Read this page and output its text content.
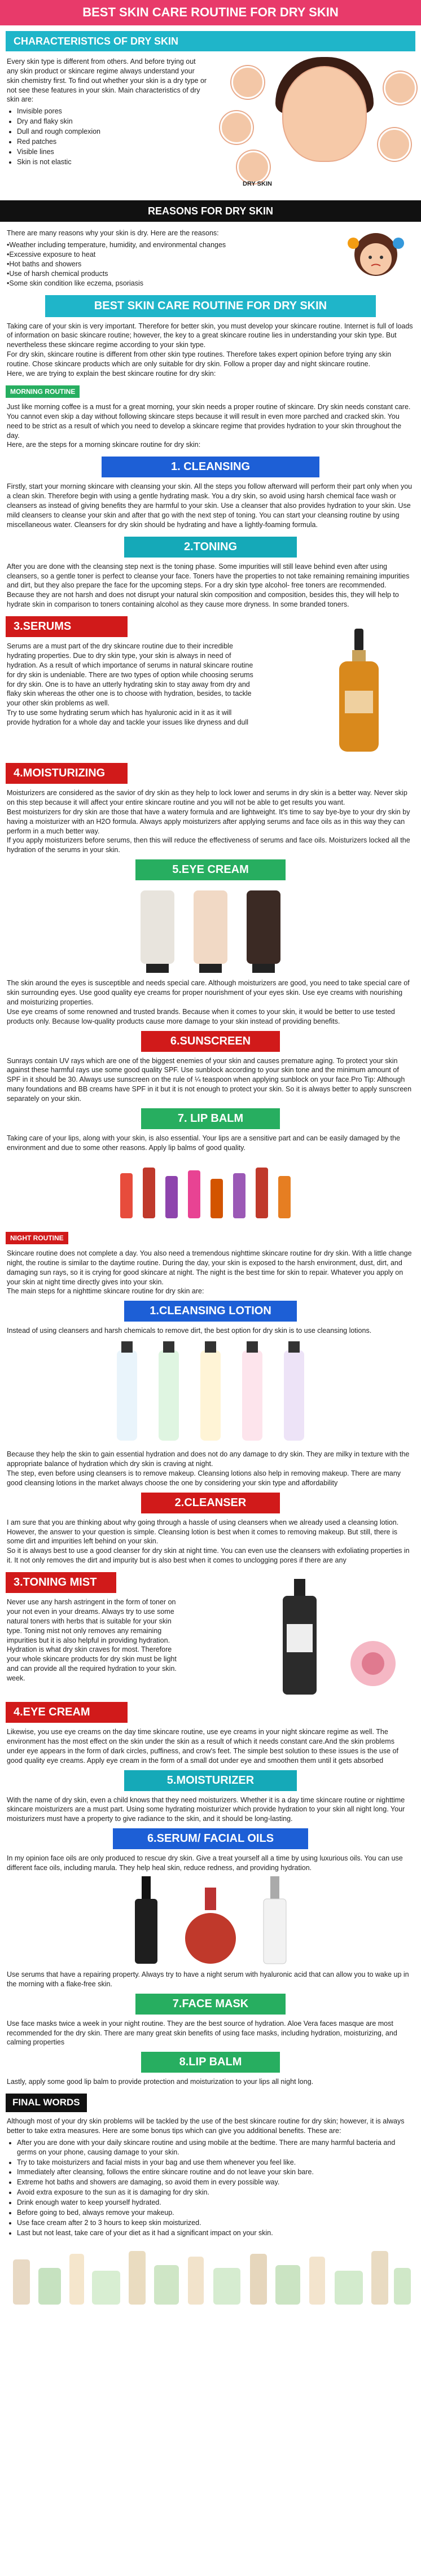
BEST SKIN CARE ROUTINE FOR DRY SKIN
CHARACTERISTICS OF DRY SKIN

Every skin type is different from others. And before trying out any skin product or skincare regime always understand your skin chemistry first. To find out whether your skin is a dry type or not see these features in your skin. Main characteristics of dry skin are:

• Invisible pores
• Dry and flaky skin
• Dull and rough complexion
• Red patches
• Visible lines
• Skin is not elastic
DRY SKIN
REASONS FOR DRY SKIN

There are many reasons why your skin is dry. Here are the reasons:

•Weather including temperature, humidity, and environmental changes
•Excessive exposure to heat
•Hot baths and showers
•Use of harsh chemical products
•Some skin condition like eczema, psoriasis
BEST SKIN CARE ROUTINE FOR DRY SKIN

Taking care of your skin is very important. Therefore for better skin, you must develop your skincare routine. Internet is full of loads of information on basic skincare routine; however, the key to a great skincare routine lies in understanding your skin type. But nevertheless these skincare regime according to your skin type.
For dry skin, skincare routine is different from other skin type routines. Therefore takes expert opinion before trying any skin routine. Chose skincare products which are only suitable for dry skin. Follow a proper day and night skincare routine.
Here, we are trying to explain the best skincare routine for dry skin:

MORNING ROUTINE

Just like morning coffee is a must for a great morning, your skin needs a proper routine of skincare. Dry skin needs constant care. You cannot even skip a day without following skincare steps because it will result in even more parched and cracked skin. You need to be strict as a result of which you need to develop a skincare regime that provides hydration to your skin throughout the day.
Here, are the steps for a morning skincare routine for dry skin:

1. CLEANSING

Firstly, start your morning skincare with cleansing your skin. All the steps you follow afterward will perform their part only when you a clean skin. Therefore begin with using a gentle hydrating mask. You a dry skin, so avoid using harsh chemical face wash or cleansers as instead of giving benefits they are harmful to your skin. Use a cleanser that also provides hydration to your skin. Use mild cleansers to cleanse your skin and after that go with the next step of toning. You can start your cleansing routine by using miscellaneous water. Cleansers for dry skin should be hydrating and have a lightly-foaming formula.

2.TONING

After you are done with the cleansing step next is the toning phase. Some impurities will still leave behind even after using cleansers, so a gentle toner is perfect to cleanse your face. Toners have the properties to not take remaining remaining impurities and dirt, but they also prepare the face for the upcoming steps. For a dry skin type alcohol- free toners are recommended. Because they are not harsh and does not disrupt your natural skin composition and composition, besides this, they will help to hydrate skin in comparison to toners containing alcohol as they cause more dryness. In some branded toners.

3.SERUMS

Serums are a must part of the dry skincare routine due to their incredible hydrating properties. Due to dry skin type, your skin is always in need of hydration. As a result of which importance of serums in natural skincare routine for dry skin is undeniable. There are two types of option while choosing serums for dry skin. One is to have an utterly hydrating skin to stay away from dry and flaky skin whereas the other one is to choose with hydration, besides, to tackle your other skin problems as well.
Try to use some hydrating serum which has hyaluronic acid in it as it will provide hydration for a whole day and tackle your issues like dryness and dull

4.MOISTURIZING

Moisturizers are considered as the savior of dry skin as they help to lock lower and serums in dry skin is a better way. Never skip on this step because it will affect your entire skincare routine and you will not be able to get results you want.
Best moisturizers for dry skin are those that have a watery formula and are lightweight. It's time to say bye-bye to your dry skin by having a moisturizer with an H2O formula. Always apply moisturizers after applying serums and face oils as in this way they can perform in a much better way.
If you apply moisturizers before serums, then this will reduce the effectiveness of serums and face oils. Moisturizers locked all the hydration of the serums in your skin.

5.EYE CREAM

The skin around the eyes is susceptible and needs special care. Although moisturizers are good, you need to take special care of skin surrounding eyes. Use good quality eye creams for proper nourishment of your eyes skin. Use eye creams with nourishing and moisturizing properties.
Use eye creams of some renowned and trusted brands. Because when it comes to your skin, it would be better to use tested products only. Because low-quality products cause more damage to your skin instead of providing benefits.

6.SUNSCREEN

Sunrays contain UV rays which are one of the biggest enemies of your skin and causes premature aging. To protect your skin against these harmful rays use some good quality SPF. Use sunblock according to your skin tone and the minimum amount of SPF in it should be 30. Always use sunscreen on the rule of ¼ teaspoon when applying sunblock on your face.Pro Tip: Although many foundations and BB creams have SPF in it but it is not enough to protect your skin. So it is always better to apply sunscreen separately on your skin.

7. LIP BALM

Taking care of your lips, along with your skin, is also essential. Your lips are a sensitive part and can be easily damaged by the environment and due to some other reasons. Apply lip balms of good quality.

NIGHT ROUTINE

Skincare routine does not complete a day. You also need a tremendous nighttime skincare routine for dry skin. With a little change night, the routine is similar to the daytime routine. During the day, your skin is exposed to the harsh environment, dust, dirt, and damaging sun rays, so it is crying for good skincare at night. The night is the best time for skin to repair. Whatever you apply on your skin at night time directly gives into your skin.
The main steps for a nighttime skincare routine for dry skin are:

1.CLEANSING LOTION

Instead of using cleansers and harsh chemicals to remove dirt, the best option for dry skin is to use cleansing lotions.

Because they help the skin to gain essential hydration and does not do any damage to dry skin. They are milky in texture with the appropriate balance of hydration which dry skin is craving at night.
The step, even before using cleansers is to remove makeup. Cleansing lotions also help in removing makeup. There are many good cleansing lotions in the market always choose the one by considering your skin type and affordability

2.CLEANSER

I am sure that you are thinking about why going through a hassle of using cleansers when we already used a cleansing lotion. However, the answer to your question is simple. Cleansing lotion is best when it comes to removing makeup. But still, there is some dirt and impurities left behind on your skin.
So it is always best to use a good cleanser for dry skin at night time. You can even use the cleansers with exfoliating properties in it. It not only removes the dirt and impurity but is also best when it comes to unclogging pores if there are any

3.TONING MIST

Never use any harsh astringent in the form of toner on your not even in your dreams. Always try to use some natural toners with herbs that is suitable for your skin type. Toning mist not only removes any remaining impurities but it is also helpful in providing hydration. Hydration is what dry skin craves for most. Therefore your whole skincare products for dry skin must be light and can provide all the required hydration to your skin. week.

4.EYE CREAM

Likewise, you use eye creams on the day time skincare routine, use eye creams in your night skincare regime as well. The environment has the most effect on the skin under the skin as a result of which it needs constant care.And the skin problems under eye appears in the form of dark circles, puffiness, and crow's feet. The simple best solution to these issues is the use of good quality eye creams. Apply eye cream in the form of a small dot under eye and smoothen them until it gets absorbed

5.MOISTURIZER

With the name of dry skin, even a child knows that they need moisturizers. Whether it is a day time skincare routine or nighttime skincare moisturizers are a must part. Using some hydrating moisturizer which provide hydration to your skin all night long. Your moisturizers must have a property to give radiance to the skin, and it should be long-lasting.

6.SERUM/ FACIAL OILS

In my opinion face oils are only produced to rescue dry skin. Give a treat yourself all a time by using luxurious oils. You can use different face oils, including marula. They help heal skin, reduce redness, and providing hydration.

Use serums that have a repairing property. Always try to have a night serum with hyaluronic acid that can allow you to wake up in the morning with a flake-free skin.

7.FACE MASK

Use face masks twice a week in your night routine. They are the best source of hydration. Aloe Vera faces masque are most recommended for the dry skin. There are many great skin benefits of using face masks, including hydration, moisturizing, and calming properties

8.LIP BALM

Lastly, apply some good lip balm to provide protection and moisturization to your lips all night long.

FINAL WORDS

Although most of your dry skin problems will be tackled by the use of the best skincare routine for dry skin; however, it is always better to take extra measures. Here are some bonus tips which can give you additional benefits. These are:

• After you are done with your daily skincare routine and using mobile at the bedtime. There are many harmful bacteria and germs on your phone, causing damage to your skin.
• Try to take moisturizers and facial mists in your bag and use them whenever you feel like.
• Immediately after cleansing, follows the entire skincare routine and do not leave your skin bare.
• Extreme hot baths and showers are damaging, so avoid them in every possible way.
• Avoid extra exposure to the sun as it is damaging for dry skin.
• Drink enough water to keep yourself hydrated.
• Before going to bed, always remove your makeup.
• Use face cream after 2 to 3 hours to keep skin moisturized.
• Last but not least, take care of your diet as it had a significant impact on your skin.
